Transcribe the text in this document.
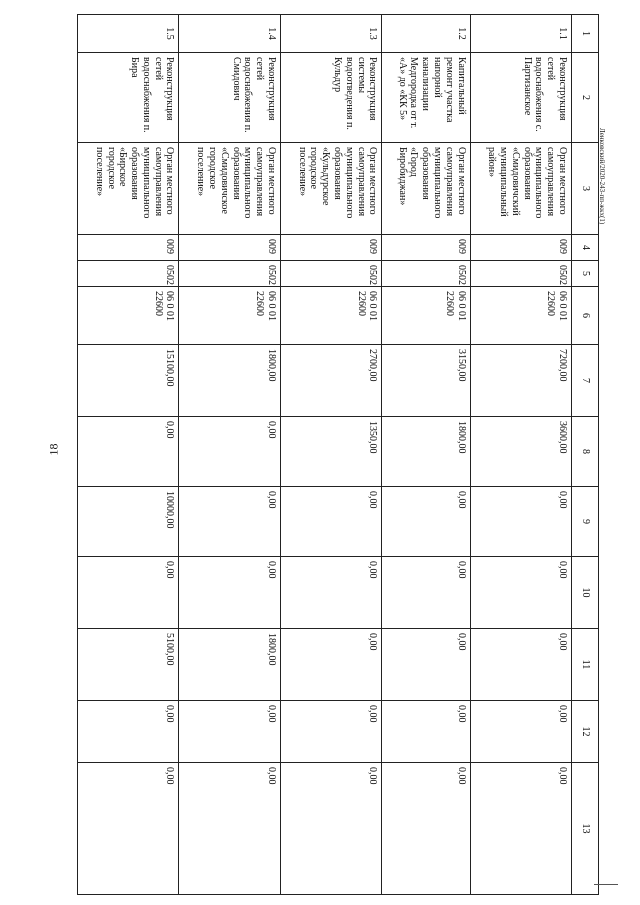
18
1	2	3	4	5	6	7	8	9	10	11	12	13
1.1	Реконструкция сетей водоснабжения с. Партизанское	Орган местного самоуправления муниципального образования «Смидовичский муниципальный район»	009	0502	06 0 01 22600	7200,00	3600,00	0,00	0,00	0,00	0,00	0,00
1.2	Капитальный ремонт участка напорной канализации Медгородка от т. «А» до «КК 5»	Орган местного самоуправления муниципального образования «Город Биробиджан»	009	0502	06 0 01 22600	3150,00	1800,00	0,00	0,00	0,00	0,00	0,00
1.3	Реконструкция системы водоотведения п. Кульдур	Орган местного самоуправления муниципального образования «Кульдурское городское поселение»	009	0502	06 0 01 22600	2700,00	1350,00	0,00	0,00	0,00	0,00	0,00
1.4	Реконструкция сетей водоснабжения п. Смидович	Орган местного самоуправления муниципального образования «Смидовичское городское поселение»	009	0502	06 0 01 22600	1800,00	0,00	0,00	0,00	1800,00	0,00	0,00
1.5	Реконструкция сетей водоснабжения п. Бира	Орган местного самоуправления муниципального образования «Бирское городское поселение»	009	0502	06 0 01 22600	15100,00	0,00	10000,00	0,00	5100,00	0,00	0,00
Ленковский/2020-243-пп-жкх(1)
